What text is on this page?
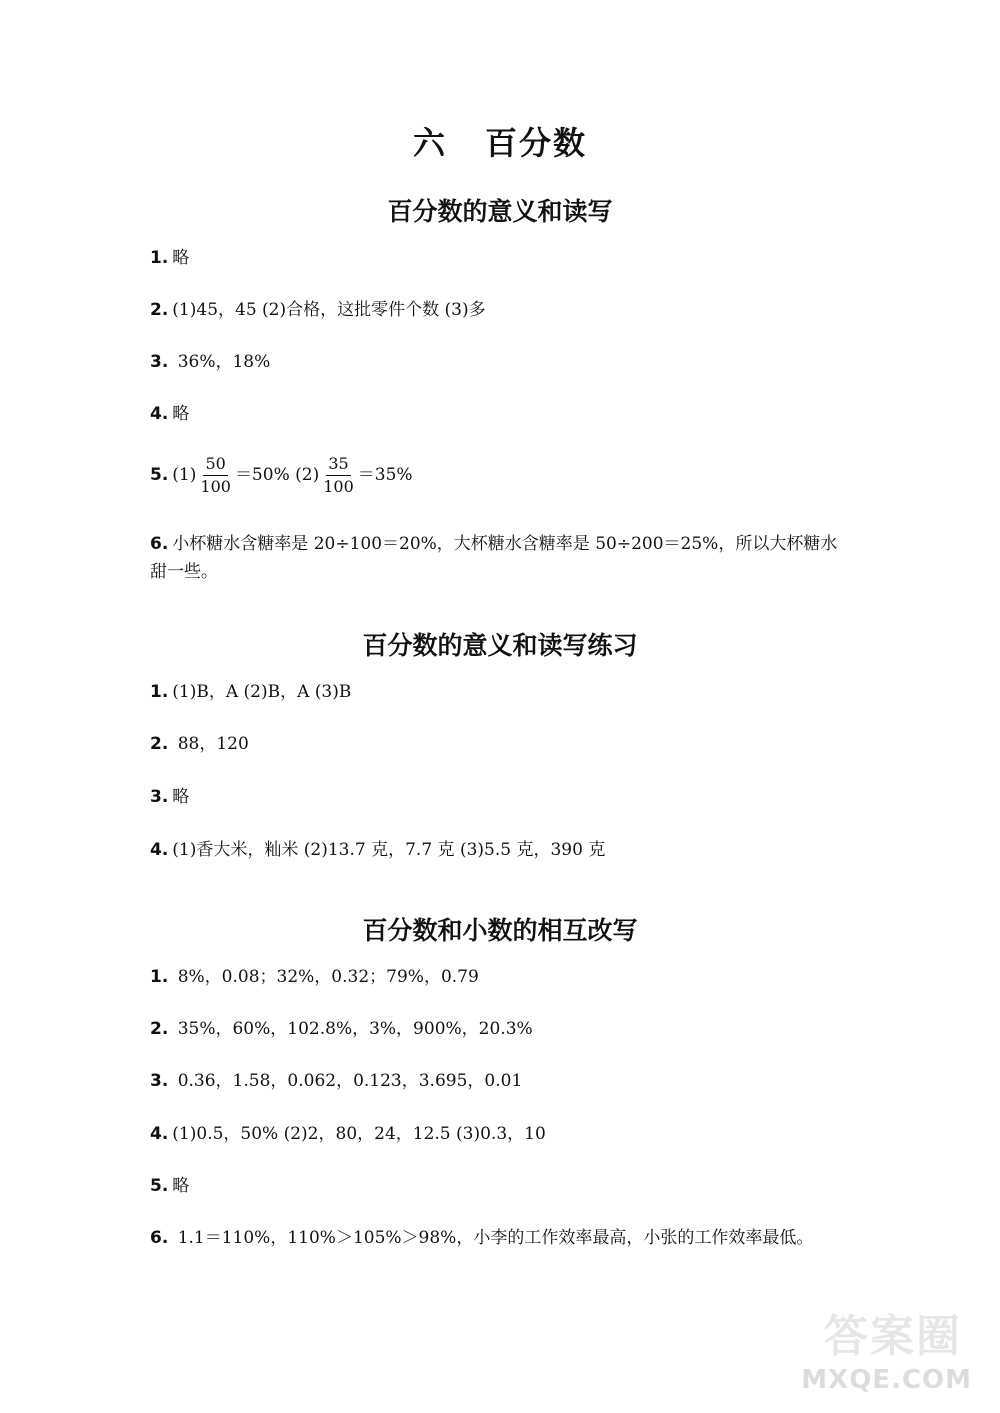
六 百分数
百分数的意义和读写
1. 略
2. (1)45，45 (2)合格，这批零件个数 (3)多
3. 36%，18%
4. 略
5. $(1) \frac{50}{100} =50\%$ $(2) \frac{35}{100} =35\%$
6. 小杯糖水含糖率是 20÷100＝20%，大杯糖水含糖率是 50÷200＝25%，所以大杯糖水甜一些。
百分数的意义和读写练习
1. (1)B，A (2)B，A (3)B
2. 88，120
3. 略
4. (1)香大米，籼米 (2)13.7 克，7.7 克 (3)5.5 克，390 克
百分数和小数的相互改写
1. 8%，0.08；32%，0.32；79%，0.79
2. 35%，60%，102.8%，3%，900%，20.3%
3. 0.36，1.58，0.062，0.123，3.695，0.01
4. (1)0.5，50% (2)2，80，24，12.5 (3)0.3，10
5. 略
6. 1.1＝110%，110%＞105%＞98%，小李的工作效率最高，小张的工作效率最低。
答案圈
MXQE.COM
